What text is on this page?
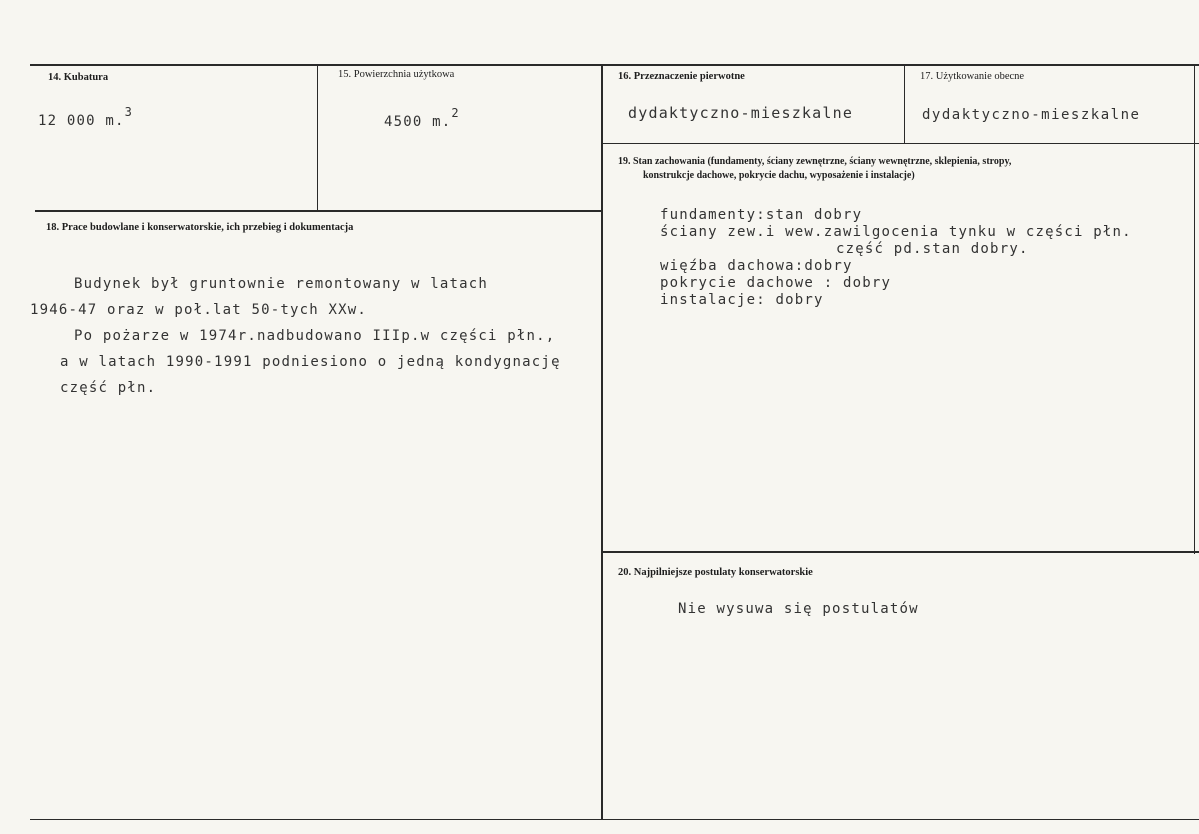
14. Kubatura
12 000 m.3
15. Powierzchnia użytkowa
4500 m.2
16. Przeznaczenie pierwotne
dydaktyczno-mieszkalne
17. Użytkowanie obecne
dydaktyczno-mieszkalne
18. Prace budowlane i konserwatorskie, ich przebieg i dokumentacja
Budynek był gruntownie remontowany w latach
1946-47 oraz w poł.lat 50-tych XXw.
Po pożarze w 1974r.nadbudowano IIIp.w części płn.,
a w latach 1990-1991 podniesiono o jedną kondygnację
część płn.
19. Stan zachowania (fundamenty, ściany zewnętrzne, ściany wewnętrzne, sklepienia, stropy,
konstrukcje dachowe, pokrycie dachu, wyposażenie i instalacje)
fundamenty:stan dobry
ściany zew.i wew.zawilgocenia tynku w części płn.
część pd.stan dobry.
więźba dachowa:dobry
pokrycie dachowe : dobry
instalacje: dobry
20. Najpilniejsze postulaty konserwatorskie
Nie wysuwa się postulatów
